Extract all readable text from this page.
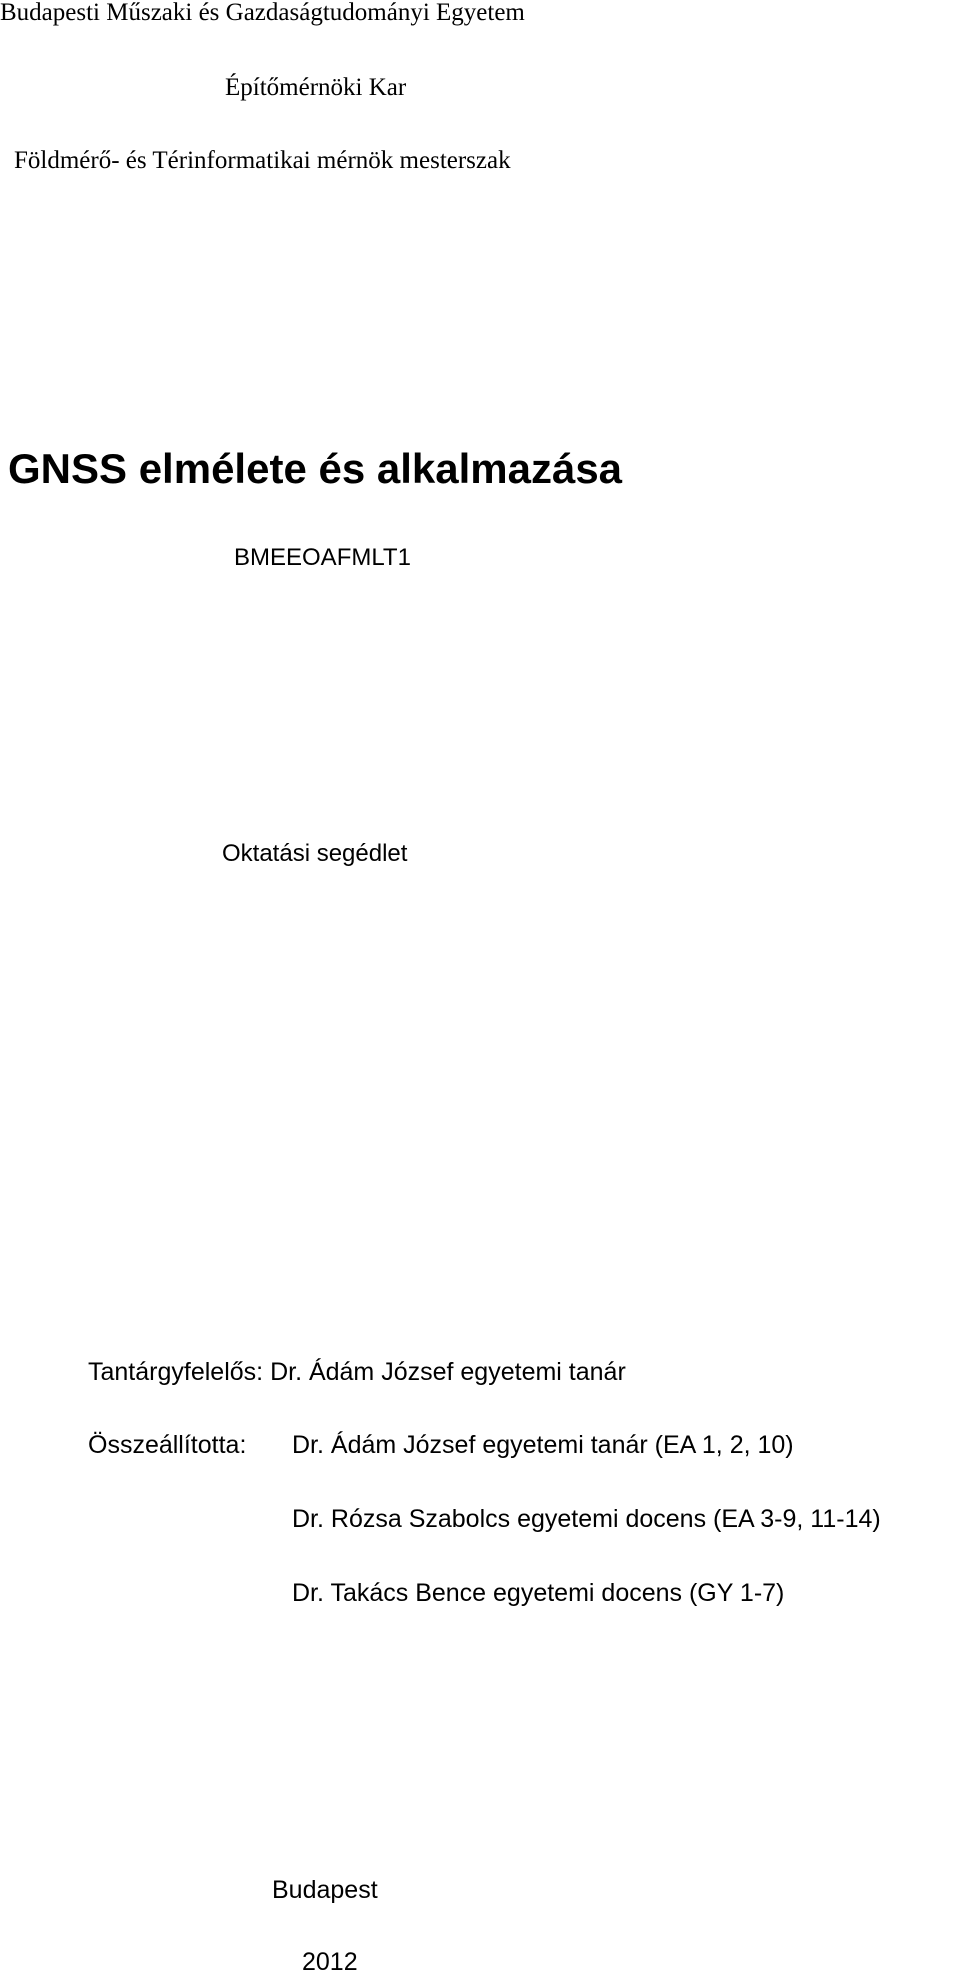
Budapesti Műszaki és Gazdaságtudományi Egyetem
Építőmérnöki Kar
Földmérő- és Térinformatikai mérnök mesterszak
GNSS elmélete és alkalmazása
BMEEOAFMLT1
Oktatási segédlet
Tantárgyfelelős: Dr. Ádám József egyetemi tanár
Összeállította: Dr. Ádám József egyetemi tanár (EA 1, 2, 10)
Dr. Rózsa Szabolcs egyetemi docens (EA 3-9, 11-14)
Dr. Takács Bence egyetemi docens (GY 1-7)
Budapest
2012
